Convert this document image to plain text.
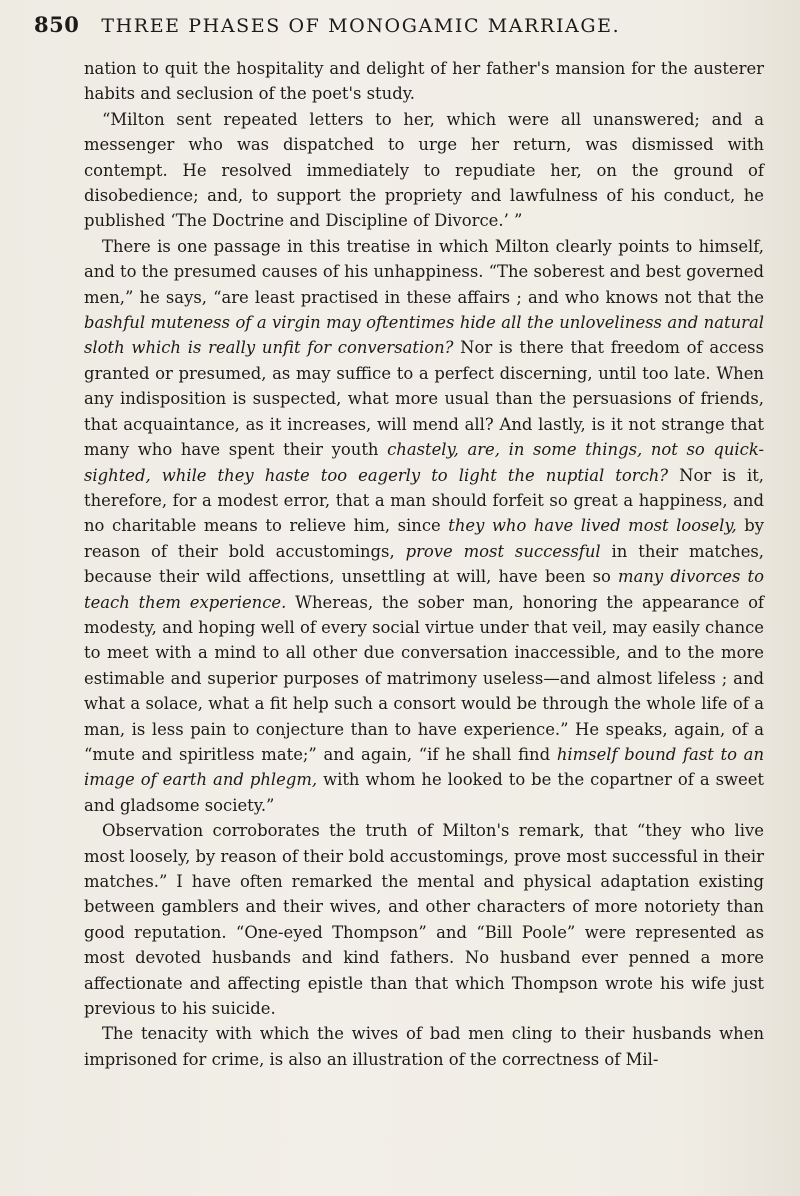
850 THREE PHASES OF MONOGAMIC MARRIAGE.

nation to quit the hospitality and delight of her father's mansion for the austerer habits and seclusion of the poet's study.

“Milton sent repeated letters to her, which were all unanswered; and a messenger who was dispatched to urge her return, was dismissed with contempt. He resolved immediately to repudiate her, on the ground of disobedience; and, to support the propriety and lawfulness of his conduct, he published ‘The Doctrine and Discipline of Divorce.’ ”

There is one passage in this treatise in which Milton clearly points to himself, and to the presumed causes of his unhappiness. “The soberest and best governed men,” he says, “are least practised in these affairs ; and who knows not that the bashful muteness of a virgin may oftentimes hide all the unloveliness and natural sloth which is really unfit for conversation? Nor is there that freedom of access granted or presumed, as may suffice to a perfect discerning, until too late. When any indisposition is suspected, what more usual than the persuasions of friends, that acquaintance, as it increases, will mend all? And lastly, is it not strange that many who have spent their youth chastely, are, in some things, not so quick-sighted, while they haste too eagerly to light the nuptial torch? Nor is it, therefore, for a modest error, that a man should forfeit so great a happiness, and no charitable means to relieve him, since they who have lived most loosely, by reason of their bold accustomings, prove most successful in their matches, because their wild affections, unsettling at will, have been so many divorces to teach them experience. Whereas, the sober man, honoring the appearance of modesty, and hoping well of every social virtue under that veil, may easily chance to meet with a mind to all other due conversation inaccessible, and to the more estimable and superior purposes of matrimony useless—and almost lifeless ; and what a solace, what a fit help such a consort would be through the whole life of a man, is less pain to conjecture than to have experience.” He speaks, again, of a “mute and spiritless mate;” and again, “if he shall find himself bound fast to an image of earth and phlegm, with whom he looked to be the copartner of a sweet and gladsome society.”

Observation corroborates the truth of Milton's remark, that “they who live most loosely, by reason of their bold accustomings, prove most successful in their matches.” I have often remarked the mental and physical adaptation existing between gamblers and their wives, and other characters of more notoriety than good reputation. “One-eyed Thompson” and “Bill Poole” were represented as most devoted husbands and kind fathers. No husband ever penned a more affectionate and affecting epistle than that which Thompson wrote his wife just previous to his suicide.

The tenacity with which the wives of bad men cling to their husbands when imprisoned for crime, is also an illustration of the correctness of Mil-
